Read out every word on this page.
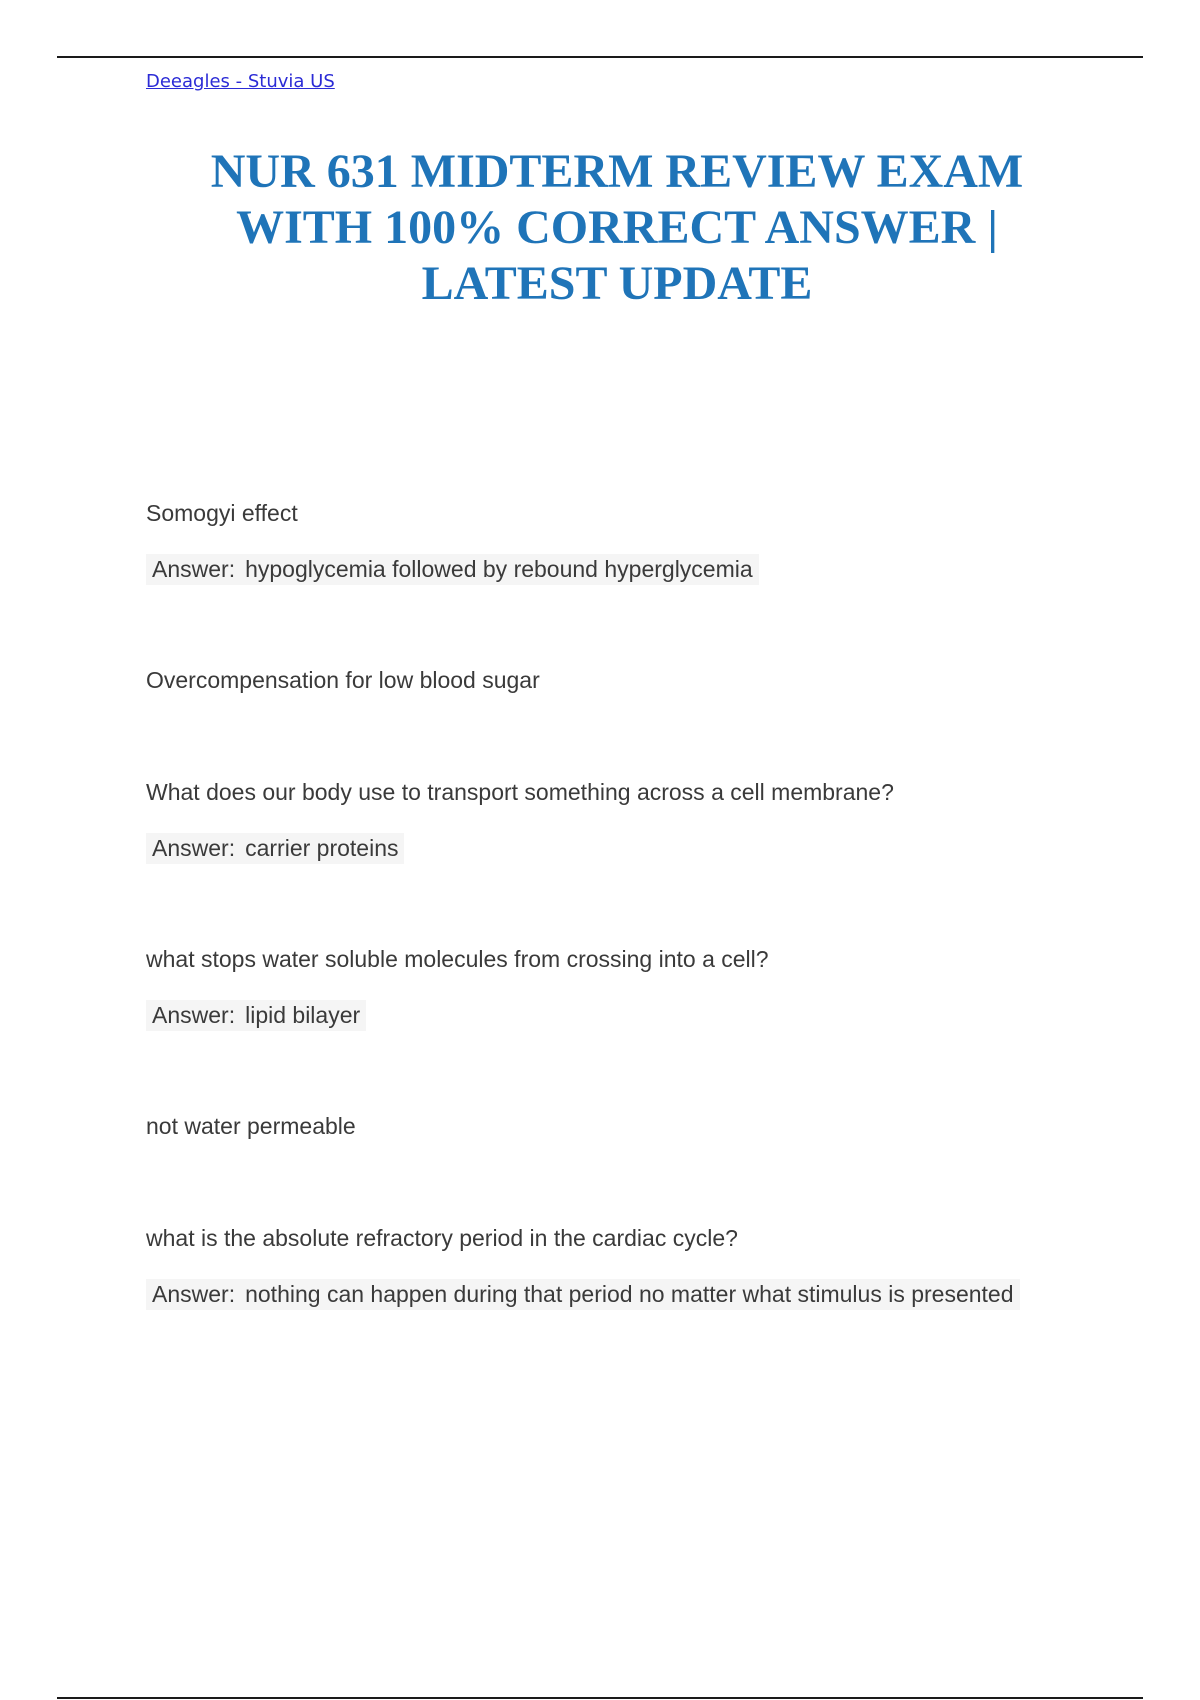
Deeagles - Stuvia US
NUR 631 MIDTERM REVIEW EXAM
WITH 100% CORRECT ANSWER |
LATEST UPDATE
Somogyi effect
Answer: hypoglycemia followed by rebound hyperglycemia
Overcompensation for low blood sugar
What does our body use to transport something across a cell membrane?
Answer: carrier proteins
what stops water soluble molecules from crossing into a cell?
Answer: lipid bilayer
not water permeable
what is the absolute refractory period in the cardiac cycle?
Answer: nothing can happen during that period no matter what stimulus is presented
